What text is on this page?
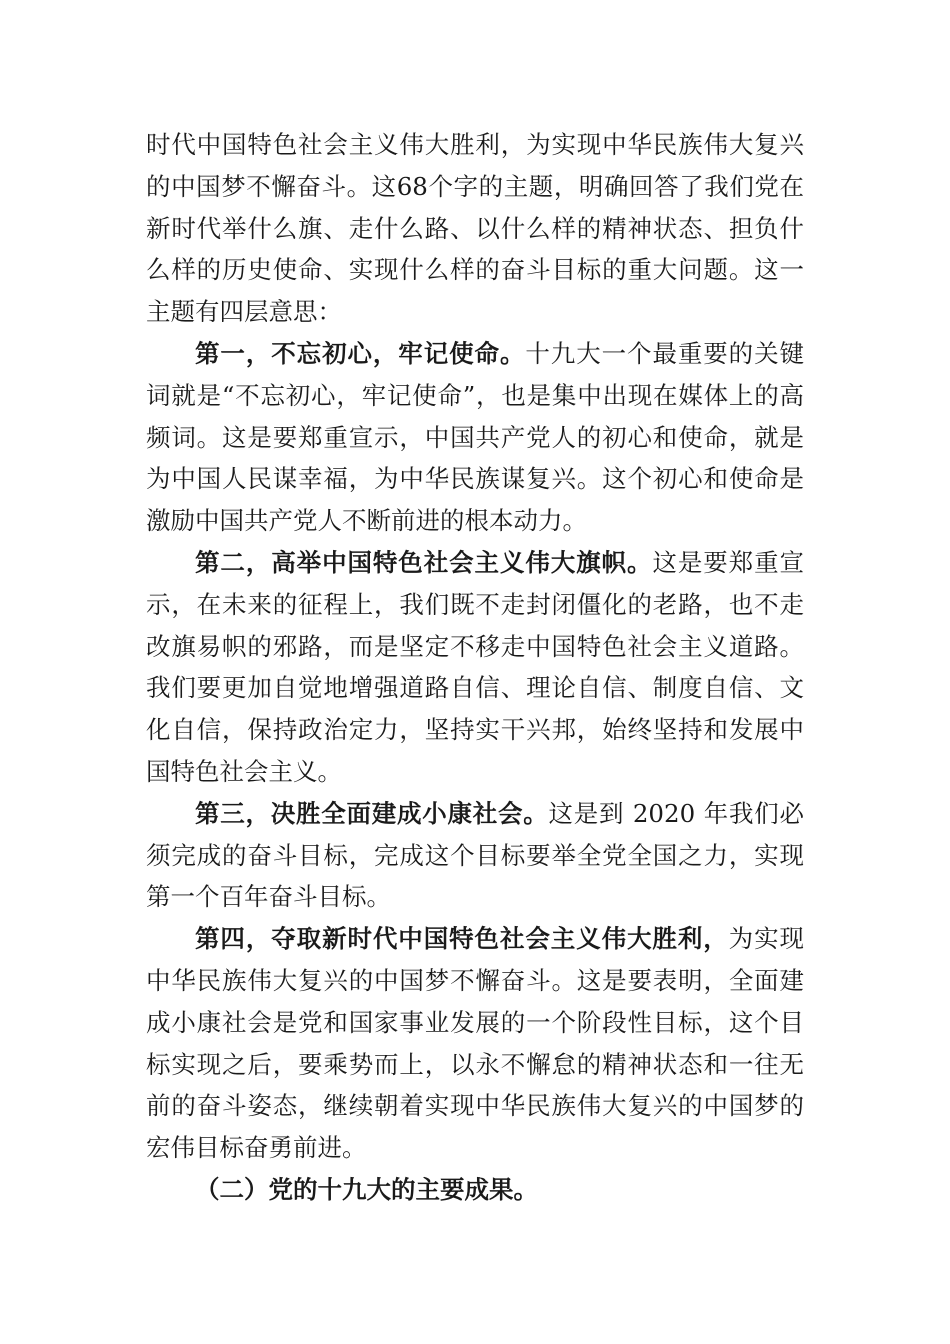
时代中国特色社会主义伟大胜利，为实现中华民族伟大复兴的中国梦不懈奋斗。这68个字的主题，明确回答了我们党在新时代举什么旗、走什么路、以什么样的精神状态、担负什么样的历史使命、实现什么样的奋斗目标的重大问题。这一主题有四层意思：

第一，不忘初心，牢记使命。十九大一个最重要的关键词就是“不忘初心，牢记使命”，也是集中出现在媒体上的高频词。这是要郑重宣示，中国共产党人的初心和使命，就是为中国人民谋幸福，为中华民族谋复兴。这个初心和使命是激励中国共产党人不断前进的根本动力。

第二，高举中国特色社会主义伟大旗帜。这是要郑重宣示，在未来的征程上，我们既不走封闭僵化的老路，也不走改旗易帜的邪路，而是坚定不移走中国特色社会主义道路。我们要更加自觉地增强道路自信、理论自信、制度自信、文化自信，保持政治定力，坚持实干兴邦，始终坚持和发展中国特色社会主义。

第三，决胜全面建成小康社会。这是到 2020 年我们必须完成的奋斗目标，完成这个目标要举全党全国之力，实现第一个百年奋斗目标。

第四，夺取新时代中国特色社会主义伟大胜利，为实现中华民族伟大复兴的中国梦不懈奋斗。这是要表明，全面建成小康社会是党和国家事业发展的一个阶段性目标，这个目标实现之后，要乘势而上，以永不懈怠的精神状态和一往无前的奋斗姿态，继续朝着实现中华民族伟大复兴的中国梦的宏伟目标奋勇前进。

（二）党的十九大的主要成果。
